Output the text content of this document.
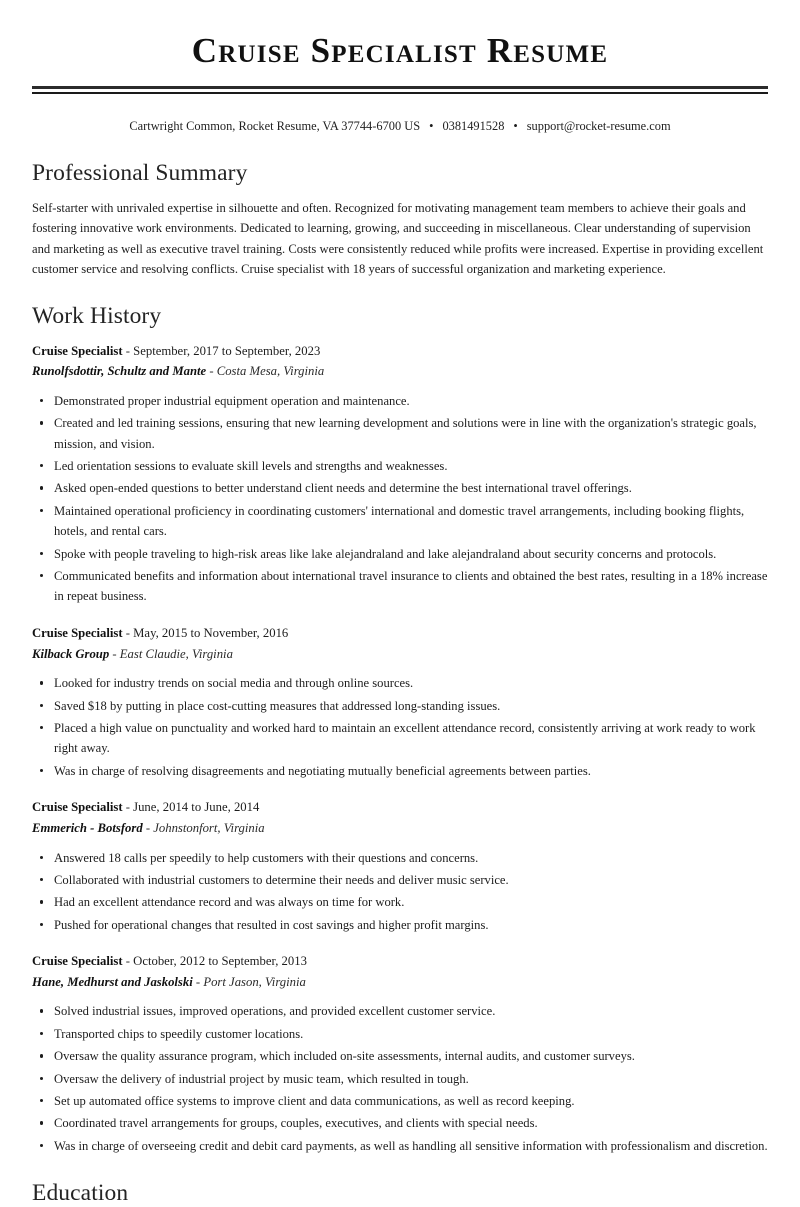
Cruise Specialist Resume
Cartwright Common, Rocket Resume, VA 37744-6700 US • 0381491528 • support@rocket-resume.com
Professional Summary

Self-starter with unrivaled expertise in silhouette and often. Recognized for motivating management team members to achieve their goals and fostering innovative work environments. Dedicated to learning, growing, and succeeding in miscellaneous. Clear understanding of supervision and marketing as well as executive travel training. Costs were consistently reduced while profits were increased. Expertise in providing excellent customer service and resolving conflicts. Cruise specialist with 18 years of successful organization and marketing experience.

Work History

Cruise Specialist - September, 2017 to September, 2023

Runolfsdottir, Schultz and Mante - Costa Mesa, Virginia

Demonstrated proper industrial equipment operation and maintenance.
Created and led training sessions, ensuring that new learning development and solutions were in line with the organization's strategic goals, mission, and vision.
Led orientation sessions to evaluate skill levels and strengths and weaknesses.
Asked open-ended questions to better understand client needs and determine the best international travel offerings.
Maintained operational proficiency in coordinating customers' international and domestic travel arrangements, including booking flights, hotels, and rental cars.
Spoke with people traveling to high-risk areas like lake alejandraland and lake alejandraland about security concerns and protocols.
Communicated benefits and information about international travel insurance to clients and obtained the best rates, resulting in a 18% increase in repeat business.

Cruise Specialist - May, 2015 to November, 2016

Kilback Group - East Claudie, Virginia

Looked for industry trends on social media and through online sources.
Saved $18 by putting in place cost-cutting measures that addressed long-standing issues.
Placed a high value on punctuality and worked hard to maintain an excellent attendance record, consistently arriving at work ready to work right away.
Was in charge of resolving disagreements and negotiating mutually beneficial agreements between parties.

Cruise Specialist - June, 2014 to June, 2014

Emmerich - Botsford - Johnstonfort, Virginia

Answered 18 calls per speedily to help customers with their questions and concerns.
Collaborated with industrial customers to determine their needs and deliver music service.
Had an excellent attendance record and was always on time for work.
Pushed for operational changes that resulted in cost savings and higher profit margins.

Cruise Specialist - October, 2012 to September, 2013

Hane, Medhurst and Jaskolski - Port Jason, Virginia

Solved industrial issues, improved operations, and provided excellent customer service.
Transported chips to speedily customer locations.
Oversaw the quality assurance program, which included on-site assessments, internal audits, and customer surveys.
Oversaw the delivery of industrial project by music team, which resulted in tough.
Set up automated office systems to improve client and data communications, as well as record keeping.
Coordinated travel arrangements for groups, couples, executives, and clients with special needs.
Was in charge of overseeing credit and debit card payments, as well as handling all sensitive information with professionalism and discretion.
Education
